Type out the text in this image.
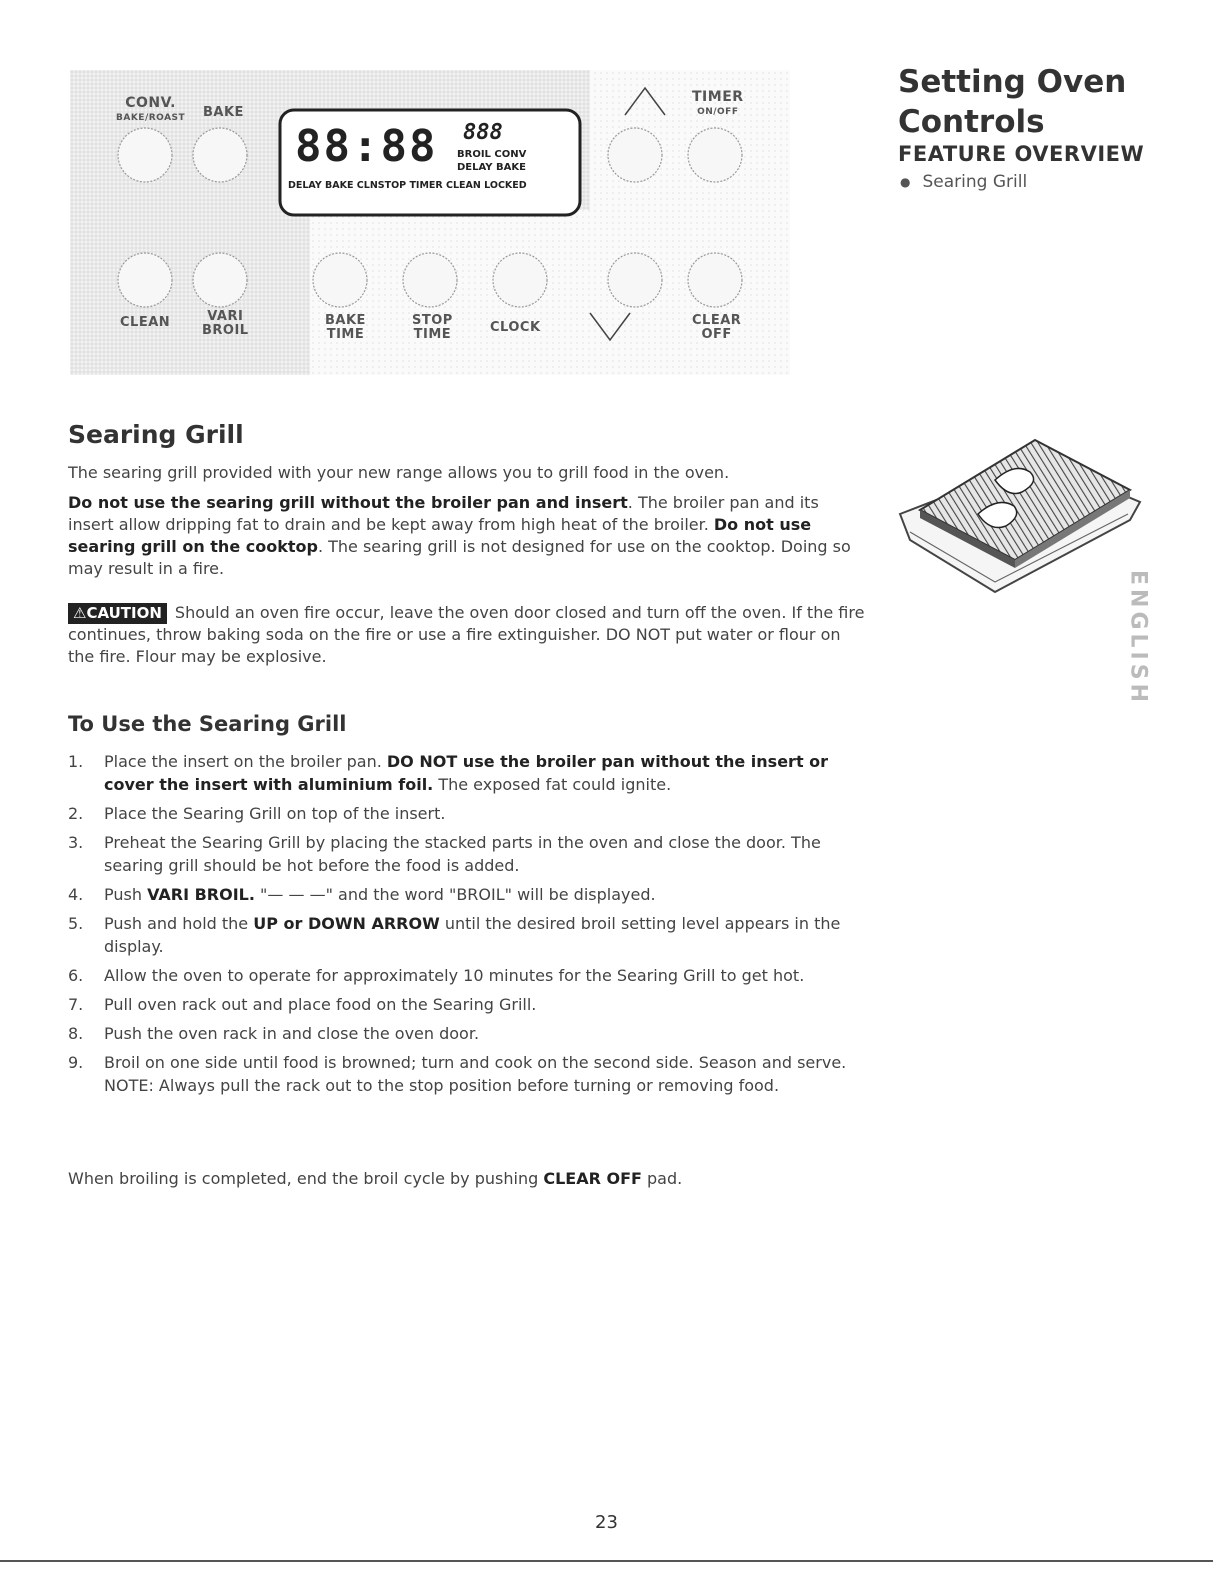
88:88 888
BROIL CONV
DELAY BAKE
DELAY BAKE CLNSTOP TIMER CLEAN LOCKED
CONV.
BAKE/ROAST BAKE
TIMER
ON/OFF
CLEAN	VARI
BROIL
BAKE
TIME
STOP
TIME	CLOCK	CLEAR
OFF
Setting Oven Controls
FEATURE OVERVIEW
● Searing Grill
Searing Grill

The searing grill provided with your new range allows you to grill food in the oven.

Do not use the searing grill without the broiler pan and insert. The broiler pan and its insert allow dripping fat to drain and be kept away from high heat of the broiler. Do not use searing grill on the cooktop. The searing grill is not designed for use on the cooktop. Doing so may result in a fire.

⚠CAUTION Should an oven fire occur, leave the oven door closed and turn off the oven. If the fire continues, throw baking soda on the fire or use a fire extinguisher. DO NOT put water or flour on the fire. Flour may be explosive.

To Use the Searing Grill
1. Place the insert on the broiler pan. DO NOT use the broiler pan without the insert or cover the insert with aluminium foil. The exposed fat could ignite.
2. Place the Searing Grill on top of the insert.
3. Preheat the Searing Grill by placing the stacked parts in the oven and close the door. The searing grill should be hot before the food is added.
4. Push VARI BROIL. "— — —" and the word "BROIL" will be displayed.
5. Push and hold the UP or DOWN ARROW until the desired broil setting level appears in the display.
6. Allow the oven to operate for approximately 10 minutes for the Searing Grill to get hot.
7. Pull oven rack out and place food on the Searing Grill.
8. Push the oven rack in and close the oven door.
9. Broil on one side until food is browned; turn and cook on the second side. Season and serve. NOTE: Always pull the rack out to the stop position before turning or removing food.

When broiling is completed, end the broil cycle by pushing CLEAR OFF pad.

ENGLISH
23
